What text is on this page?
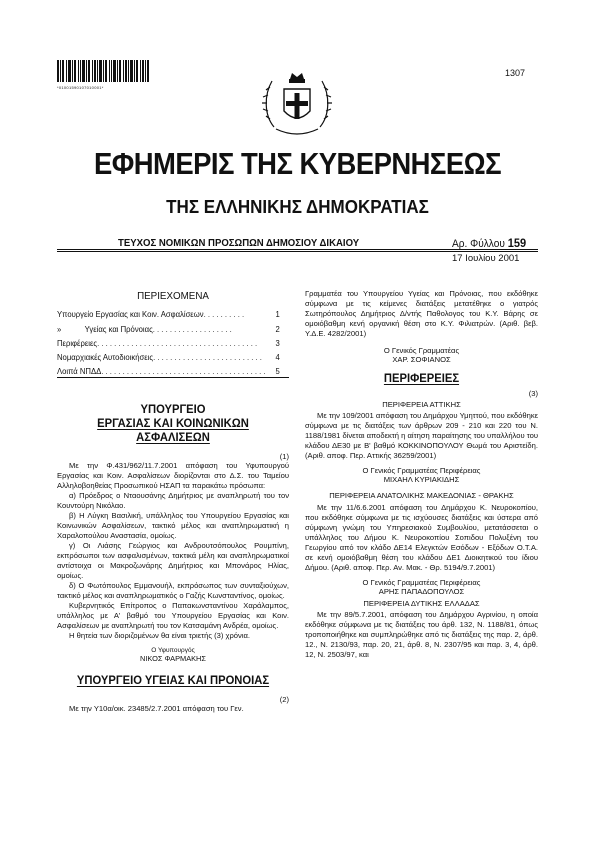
*01001590107010001*
1307
ΕΦΗΜΕΡΙΣ ΤΗΣ ΚΥΒΕΡΝΗΣΕΩΣ
ΤΗΣ ΕΛΛΗΝΙΚΗΣ ΔΗΜΟΚΡΑΤΙΑΣ
ΤΕΥΧΟΣ ΝΟΜΙΚΩΝ ΠΡΟΣΩΠΩΝ ΔΗΜΟΣΙΟΥ ΔΙΚΑΙΟΥ	Αρ. Φύλλου 159
17 Ιουλίου 2001
ΠΕΡΙΕΧΟΜΕΝΑ
Υπουργείο Εργασίας και Κοιν. Ασφαλίσεων . . . . . . . . . .	1
»           Υγείας και Πρόνοιας . . . . . . . . . . . . . . . . . . .	2
Περιφέρειες . . . . . . . . . . . . . . . . . . . . . . . . . . . . . . . . . . . . . .	3
Νομαρχιακές Αυτοδιοικήσεις . . . . . . . . . . . . . . . . . . . . . . . . . .	4
Λοιπά ΝΠΔΔ . . . . . . . . . . . . . . . . . . . . . . . . . . . . . . . . . . . . . . .	5
ΥΠΟΥΡΓΕΙΟ
ΕΡΓΑΣΙΑΣ ΚΑΙ ΚΟΙΝΩΝΙΚΩΝ ΑΣΦΑΛΙΣΕΩΝ
(1)

Με την Φ.431/962/11.7.2001 απόφαση του Υφυπουργού Εργασίας και Κοιν. Ασφαλίσεων διορίζονται στο Δ.Σ. του Ταμείου Αλληλοβοηθείας Προσωπικού ΗΣΑΠ τα παρακάτω πρόσωπα:

α) Πρόεδρος ο Νταουσάνης Δημήτριος με αναπληρωτή του τον Κουντούρη Νικόλαο.

β) Η Λύγκη Βασιλική, υπάλληλος του Υπουργείου Εργασίας και Κοινωνικών Ασφαλίσεων, τακτικό μέλος και αναπληρωματική η Χαραλοπούλου Αναστασία, ομοίως.

γ) Οι Λιάσης Γεώργιος και Ανδρουτσόπουλος Ρουμπίνη, εκπρόσωποι των ασφαλισμένων, τακτικά μέλη και αναπληρωματικοί αντίστοιχα οι Μακροζωνάρης Δημήτριος και Μπονάρος Ηλίας, ομοίως.

δ) Ο Φωτόπουλος Εμμανουήλ, εκπρόσωπος των συνταξιούχων, τακτικό μέλος και αναπληρωματικός ο Γαζής Κωνσταντίνος, ομοίως.

Κυβερνητικός Επίτροπος ο Παπακωνσταντίνου Χαράλαμπος, υπάλληλος με Α' βαθμό του Υπουργείου Εργασίας και Κοιν. Ασφαλίσεων με αναπληρωτή του τον Κατσαμάνη Ανδρέα, ομοίως.

Η θητεία των διοριζομένων θα είναι τριετής (3) χρόνια.

Ο Υφυπουργός
ΝΙΚΟΣ ΦΑΡΜΑΚΗΣ
ΥΠΟΥΡΓΕΙΟ ΥΓΕΙΑΣ ΚΑΙ ΠΡΟΝΟΙΑΣ
(2)

Με την Υ10α/οικ. 23485/2.7.2001 απόφαση του Γεν.

Γραμματέα του Υπουργείου Υγείας και Πρόνοιας, που εκδόθηκε σύμφωνα με τις κείμενες διατάξεις μετατέθηκε ο γιατρός Σωτηρόπουλος Δημήτριος Δ/ντής Παθολογος του Κ.Υ. Βάρης σε ομοιόβαθμη κενή οργανική θέση στο Κ.Υ. Φιλιατρών. (Αριθ. βεβ. Υ.Δ.Ε. 4282/2001)

Ο Γενικός Γραμματέας
ΧΑΡ. ΣΟΦΙΑΝΟΣ
ΠΕΡΙΦΕΡΕΙΕΣ
(3)
ΠΕΡΙΦΕΡΕΙΑ ΑΤΤΙΚΗΣ

Με την 109/2001 απόφαση του Δημάρχου Υμηττού, που εκδόθηκε σύμφωνα με τις διατάξεις των άρθρων 209 - 210 και 220 του Ν. 1188/1981 δίνεται αποδεκτή η αίτηση παραίτησης του υπαλλήλου του κλάδου ΔΕ30 με Β' βαθμό ΚΟΚΚΙΝΟΠΟΥΛΟΥ Θωμά του Αριστείδη. (Αριθ. αποφ. Περ. Αττικής 36259/2001)

Ο Γενικός Γραμματέας Περιφέρειας
ΜΙΧΑΗΛ ΚΥΡΙΑΚΙΔΗΣ
ΠΕΡΙΦΕΡΕΙΑ ΑΝΑΤΟΛΙΚΗΣ ΜΑΚΕΔΟΝΙΑΣ - ΘΡΑΚΗΣ

Με την 11/6.6.2001 απόφαση του Δημάρχου Κ. Νευροκοπίου, που εκδόθηκε σύμφωνα με τις ισχύουσες διατάξεις και ύστερα από σύμφωνη γνώμη του Υπηρεσιακού Συμβουλίου, μετατάσσεται ο υπάλληλος του Δήμου Κ. Νευροκοπίου Σοπιδου Πολυξένη του Γεωργίου από τον κλάδο ΔΕ14 Ελεγκτών Εσόδων - Εξόδων Ο.Τ.Α. σε κενή ομοιόβαθμη θέση του κλάδου ΔΕ1 Διοικητικού του ίδιου Δήμου. (Αριθ. αποφ. Περ. Αν. Μακ. - Θρ. 5194/9.7.2001)

Ο Γενικός Γραμματέας Περιφέρειας
ΑΡΗΣ ΠΑΠΑΔΟΠΟΥΛΟΣ
ΠΕΡΙΦΕΡΕΙΑ ΔΥΤΙΚΗΣ ΕΛΛΑΔΑΣ

Με την 89/5.7.2001, απόφαση του Δημάρχου Αγρινίου, η οποία εκδόθηκε σύμφωνα με τις διατάξεις του άρθ. 132, Ν. 1188/81, όπως τροποποιήθηκε και συμπληρώθηκε από τις διατάξεις της παρ. 2, άρθ. 12., Ν. 2130/93, παρ. 20, 21, άρθ. 8, Ν. 2307/95 και παρ. 3, 4, άρθ. 12, Ν. 2503/97, και
